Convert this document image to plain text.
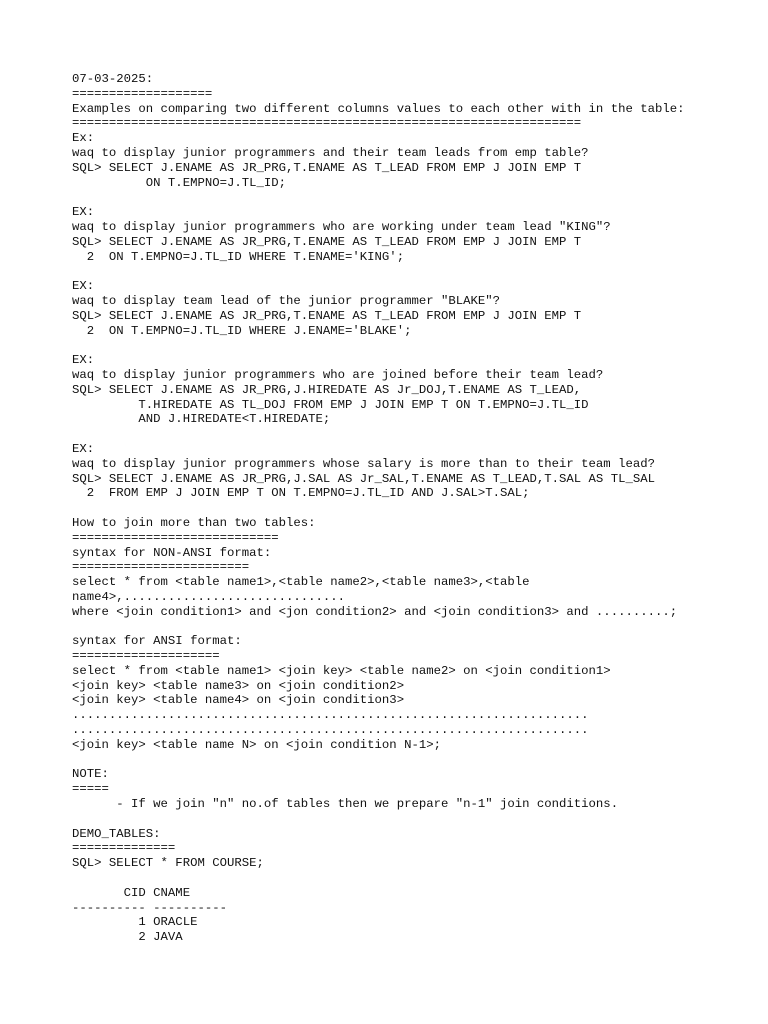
07-03-2025:
===================
Examples on comparing two different columns values to each other with in the table:
=====================================================================
Ex:
waq to display junior programmers and their team leads from emp table?
SQL> SELECT J.ENAME AS JR_PRG,T.ENAME AS T_LEAD FROM EMP J JOIN EMP T
ON T.EMPNO=J.TL_ID;
EX:
waq to display junior programmers who are working under team lead "KING"?
SQL> SELECT J.ENAME AS JR_PRG,T.ENAME AS T_LEAD FROM EMP J JOIN EMP T
2  ON T.EMPNO=J.TL_ID WHERE T.ENAME='KING';
EX:
waq to display team lead of the junior programmer "BLAKE"?
SQL> SELECT J.ENAME AS JR_PRG,T.ENAME AS T_LEAD FROM EMP J JOIN EMP T
2  ON T.EMPNO=J.TL_ID WHERE J.ENAME='BLAKE';
EX:
waq to display junior programmers who are joined before their team lead?
SQL> SELECT J.ENAME AS JR_PRG,J.HIREDATE AS Jr_DOJ,T.ENAME AS T_LEAD,
T.HIREDATE AS TL_DOJ FROM EMP J JOIN EMP T ON T.EMPNO=J.TL_ID
AND J.HIREDATE<T.HIREDATE;
EX:
waq to display junior programmers whose salary is more than to their team lead?
SQL> SELECT J.ENAME AS JR_PRG,J.SAL AS Jr_SAL,T.ENAME AS T_LEAD,T.SAL AS TL_SAL
2  FROM EMP J JOIN EMP T ON T.EMPNO=J.TL_ID AND J.SAL>T.SAL;
How to join more than two tables:
============================
syntax for NON-ANSI format:
========================
select * from <table name1>,<table name2>,<table name3>,<table
name4>,..............................
where <join condition1> and <jon condition2> and <join condition3> and ..........;
syntax for ANSI format:
====================
select * from <table name1> <join key> <table name2> on <join condition1>
<join key> <table name3> on <join condition2>
<join key> <table name4> on <join condition3>
......................................................................
......................................................................
<join key> <table name N> on <join condition N-1>;
NOTE:
=====
- If we join "n" no.of tables then we prepare "n-1" join conditions.
DEMO_TABLES:
==============
SQL> SELECT * FROM COURSE;
CID CNAME
---------- ----------
1 ORACLE
2 JAVA
